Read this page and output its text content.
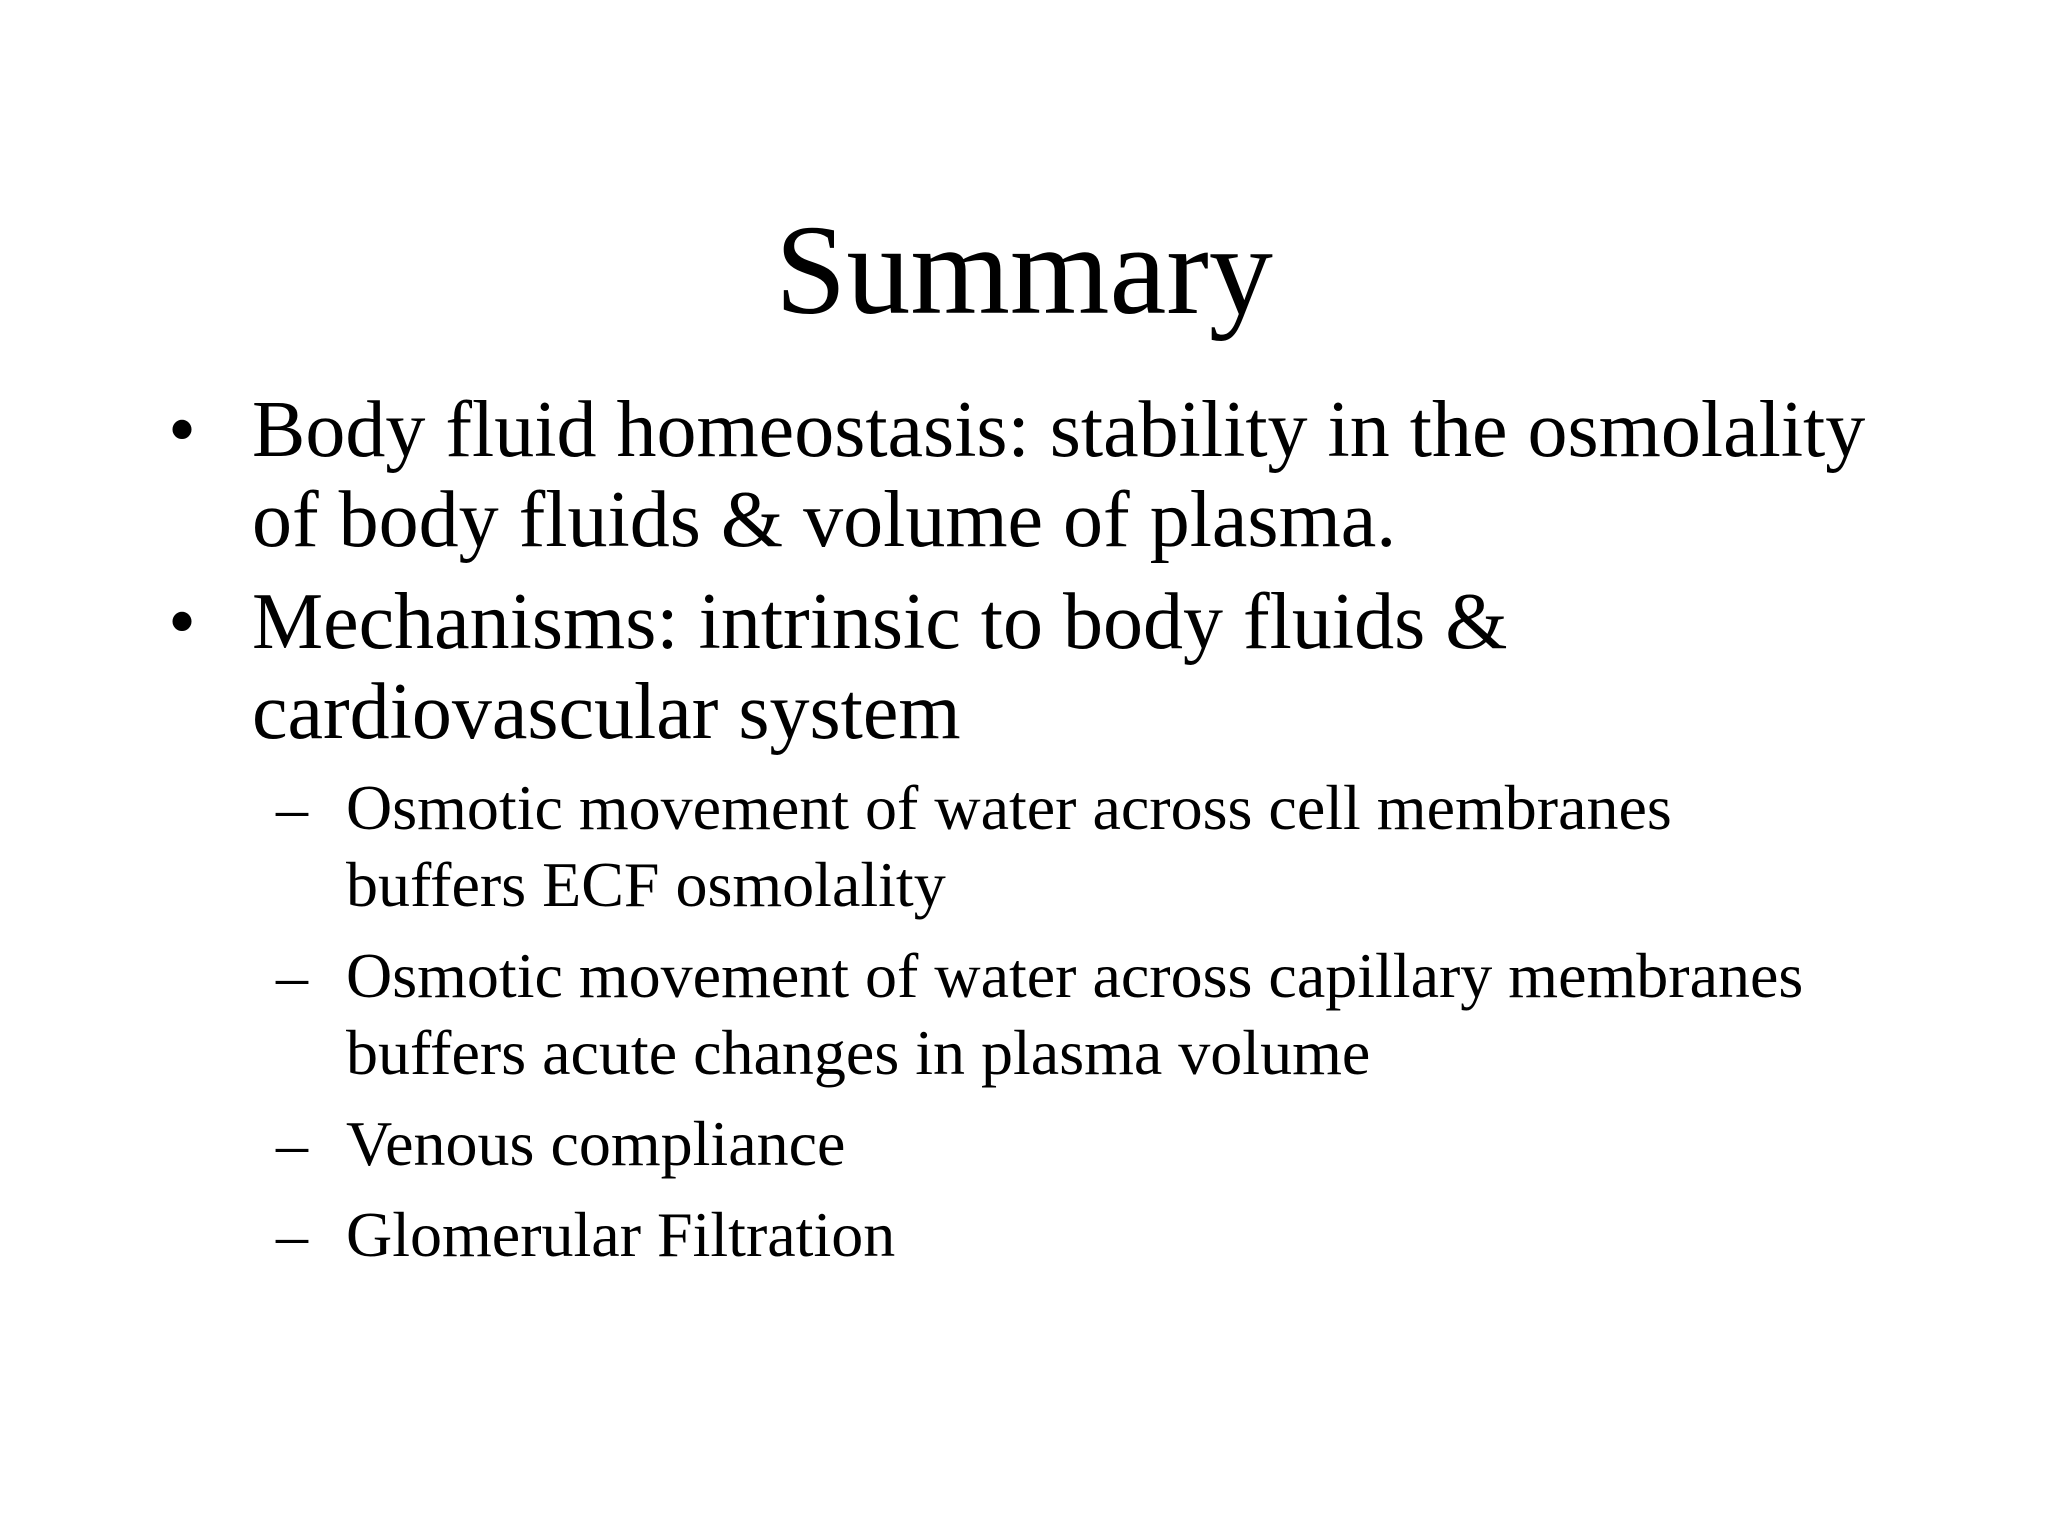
Summary
• Body fluid homeostasis: stability in the osmolality
of body fluids & volume of plasma.
• Mechanisms: intrinsic to body fluids &
cardiovascular system
– Osmotic movement of water across cell membranes
buffers ECF osmolality
– Osmotic movement of water across capillary membranes
buffers acute changes in plasma volume
– Venous compliance
– Glomerular Filtration
